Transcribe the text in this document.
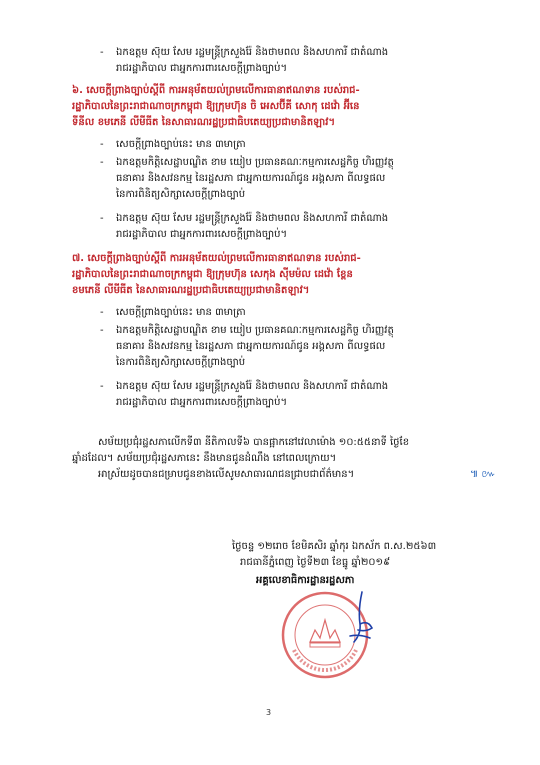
- ឯកឧត្តម ស៊ុយ សែម រដ្ឋមន្ត្រីក្រសួងរ៉ែ និងថាមពល និងសហការី ជាតំណាង
រាជរដ្ឋាភិបាល ជាអ្នកការពារសេចក្តីព្រាងច្បាប់។
៦. សេចក្តីព្រាងច្បាប់ស្តីពី ការអនុម័តយល់ព្រមលើការធានាឥណទាន របស់រាជ-
រដ្ឋាភិបាលនៃព្រះរាជាណាចក្រកម្ពុជា ឱ្យក្រុមហ៊ុន ចិ អេសប៊ីគី សោកុ ដេវ៉ោ អ៊ីនេ
ទីនីល ខមភេនី លីមីធីត នៃសាធារណរដ្ឋប្រជាធិបតេយ្យប្រជាមានិតឡាវ។
- សេចក្តីព្រាងច្បាប់នេះ មាន ៣មាត្រា
- ឯកឧត្តមកិត្តិសេដ្ឋាបណ្ឌិត ខាម យៀប ប្រធានគណៈកម្មការសេដ្ឋកិច្ច ហិរញ្ញវត្ថុ
ធនាគារ និងសវនកម្ម នៃរដ្ឋសភា ជាអ្នកាយការណ៍ជូន អង្គសភា ពីលទ្ធផល
នៃការពិនិត្យសិក្សាសេចក្តីព្រាងច្បាប់
- ឯកឧត្តម ស៊ុយ សែម រដ្ឋមន្ត្រីក្រសួងរ៉ែ និងថាមពល និងសហការី ជាតំណាង
រាជរដ្ឋាភិបាល ជាអ្នកការពារសេចក្តីព្រាងច្បាប់។
៧. សេចក្តីព្រាងច្បាប់ស្តីពី ការអនុម័តយល់ព្រមលើការធានាឥណទាន របស់រាជ-
រដ្ឋាភិបាលនៃព្រះរាជាណាចក្រកម្ពុជា ឱ្យក្រុមហ៊ុន សេកុង ស៊ីមម៉ល ដេវ៉ោ ខ្ពែន
ខមភេនី លីមីធីត នៃសាធារណរដ្ឋប្រជាធិបតេយ្យប្រជាមានិតឡាវ។
- សេចក្តីព្រាងច្បាប់នេះ មាន ៣មាត្រា
- ឯកឧត្តមកិត្តិសេដ្ឋាបណ្ឌិត ខាម យៀប ប្រធានគណៈកម្មការសេដ្ឋកិច្ច ហិរញ្ញវត្ថុ
ធនាគារ និងសវនកម្ម នៃរដ្ឋសភា ជាអ្នកាយការណ៍ជូន អង្គសភា ពីលទ្ធផល
នៃការពិនិត្យសិក្សាសេចក្តីព្រាងច្បាប់
- ឯកឧត្តម ស៊ុយ សែម រដ្ឋមន្ត្រីក្រសួងរ៉ែ និងថាមពល និងសហការី ជាតំណាង
រាជរដ្ឋាភិបាល ជាអ្នកការពារសេចក្តីព្រាងច្បាប់។
សម័យប្រជុំរដ្ឋសភាលើកទី៣ នីតិកាលទី៦ បានផ្អាកនៅវេលាម៉ោង ១០:៥៥នាទី ថ្ងៃខែ
ឆ្នាំដដែល។ សម័យប្រជុំរដ្ឋសភានេះ នឹងមានជូនដំណឹង នៅពេលក្រោយ។
អាស្រ័យដូចបានជម្រាបជូនខាងលើសូមសាធារណជនជ្រាបជាព័ត៌មាន។	៕ ៚
ថ្ងៃចន្ទ ១២រោច ខែមិគសិរ ឆ្នាំកុរ ឯកស័ក ព.ស.២៥៦៣
រាជធានីភ្នំពេញ ថ្ងៃទី២៣ ខែធ្នូ ឆ្នាំ២០១៩
អគ្គលេខាធិការដ្ឋានរដ្ឋសភា
3
